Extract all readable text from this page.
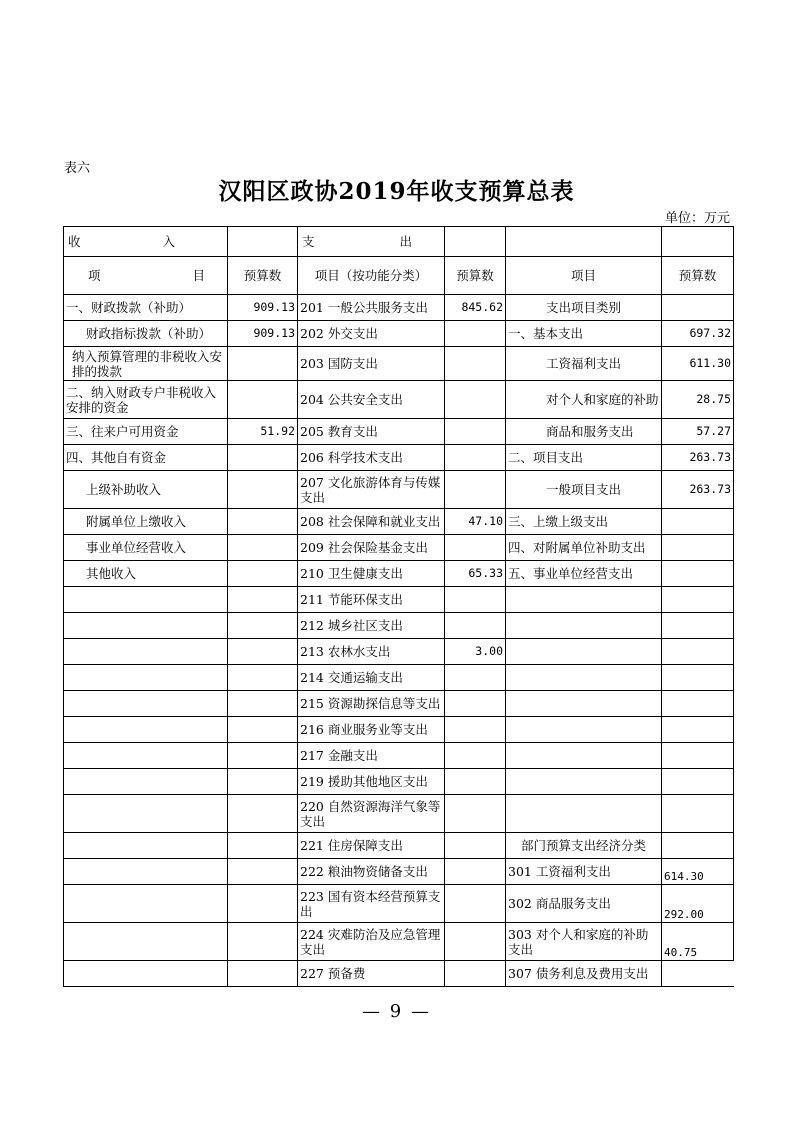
表六
汉阳区政协2019年收支预算总表
单位：万元
收 入		支 出			

项 目	预算数	项目（按功能分类）	预算数	项目	预算数
一、财政拨款（补助）	909.13	201 一般公共服务支出	845.62	支出项目类别	
财政指标拨款（补助）	909.13	202 外交支出		一、基本支出	697.32
纳入预算管理的非税收入安排的拨款		203 国防支出		工资福利支出	611.30
二、纳入财政专户非税收入安排的资金		204 公共安全支出		对个人和家庭的补助	28.75
三、往来户可用资金	51.92	205 教育支出		商品和服务支出	57.27
四、其他自有资金		206 科学技术支出		二、项目支出	263.73
上级补助收入		207 文化旅游体育与传媒支出		一般项目支出	263.73
附属单位上缴收入		208 社会保障和就业支出	47.10	三、上缴上级支出	
事业单位经营收入		209 社会保险基金支出		四、对附属单位补助支出	
其他收入		210 卫生健康支出	65.33	五、事业单位经营支出	
		211 节能环保支出			
		212 城乡社区支出			
		213 农林水支出	3.00		
		214 交通运输支出			
		215 资源勘探信息等支出			
		216 商业服务业等支出			
		217 金融支出			
		219 援助其他地区支出			
		220 自然资源海洋气象等支出			
		221 住房保障支出		部门预算支出经济分类	
		222 粮油物资储备支出		301 工资福利支出	614.30
		223 国有资本经营预算支出		302 商品服务支出	292.00
		224 灾难防治及应急管理支出		303 对个人和家庭的补助支出	40.75
		227 预备费		307 债务利息及费用支出	
— 9 —
